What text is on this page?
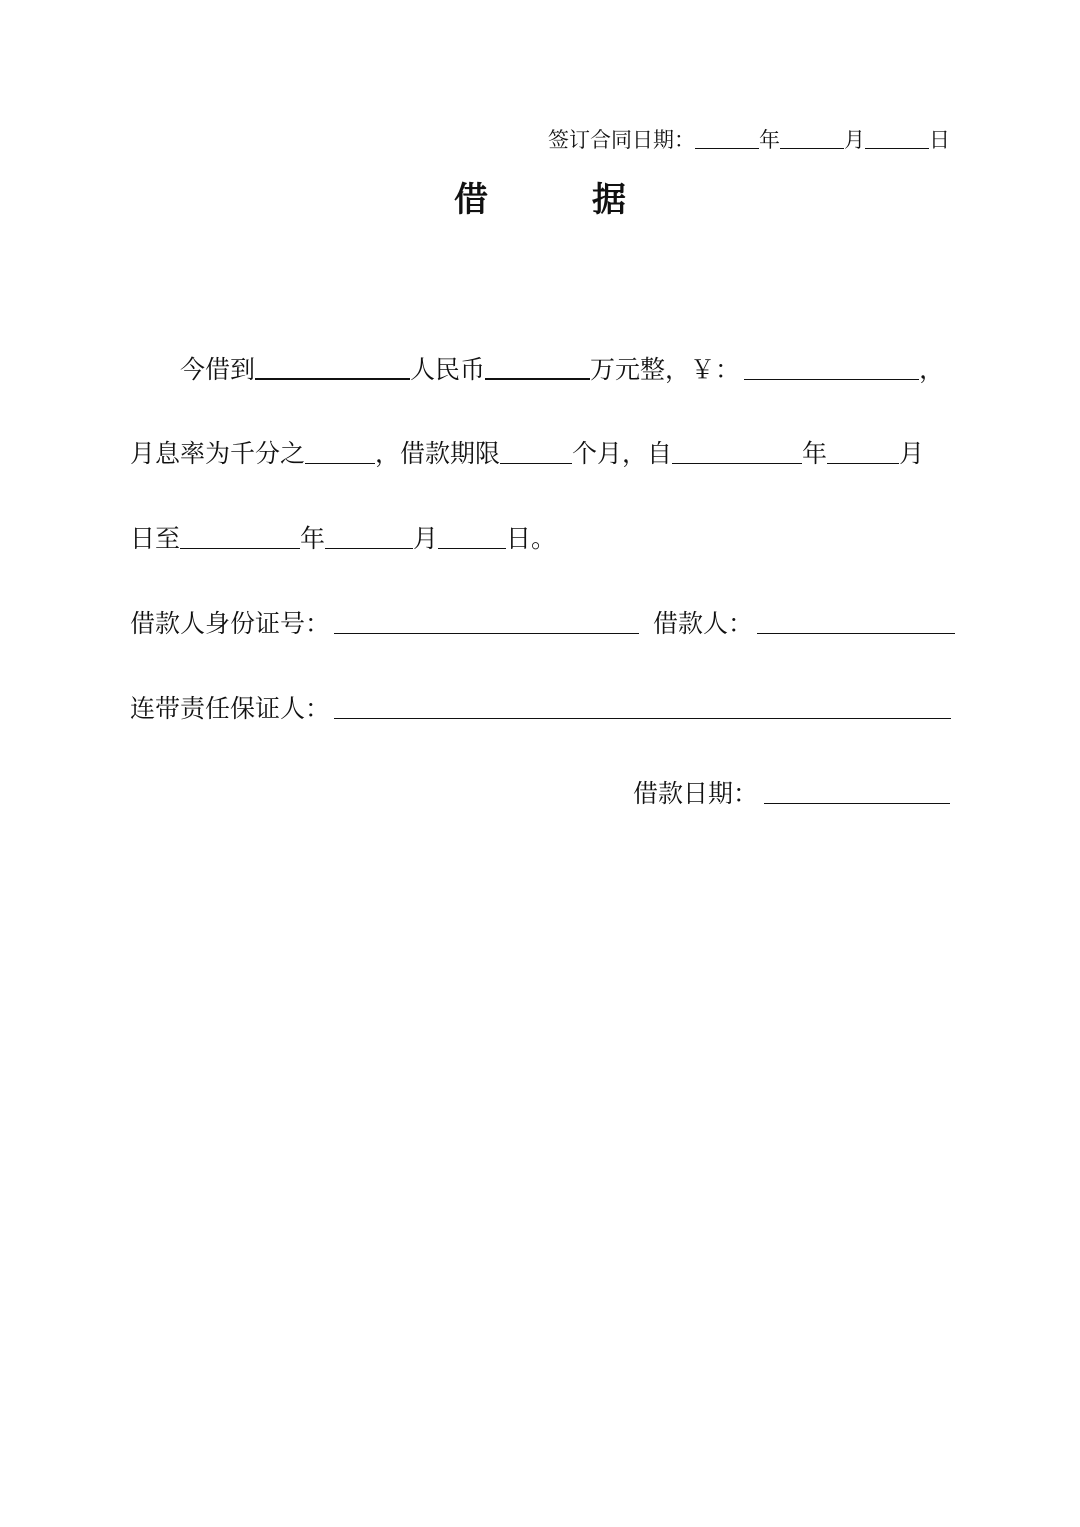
签订合同日期：	年	月	日
借	据
今借到	人民币	万元整， ￥：	，
月息率为千分之	，借款期限	个月，自	年	月
日至	年	月	日。
借款人身份证号：	借款人：
连带责任保证人：
借款日期：
